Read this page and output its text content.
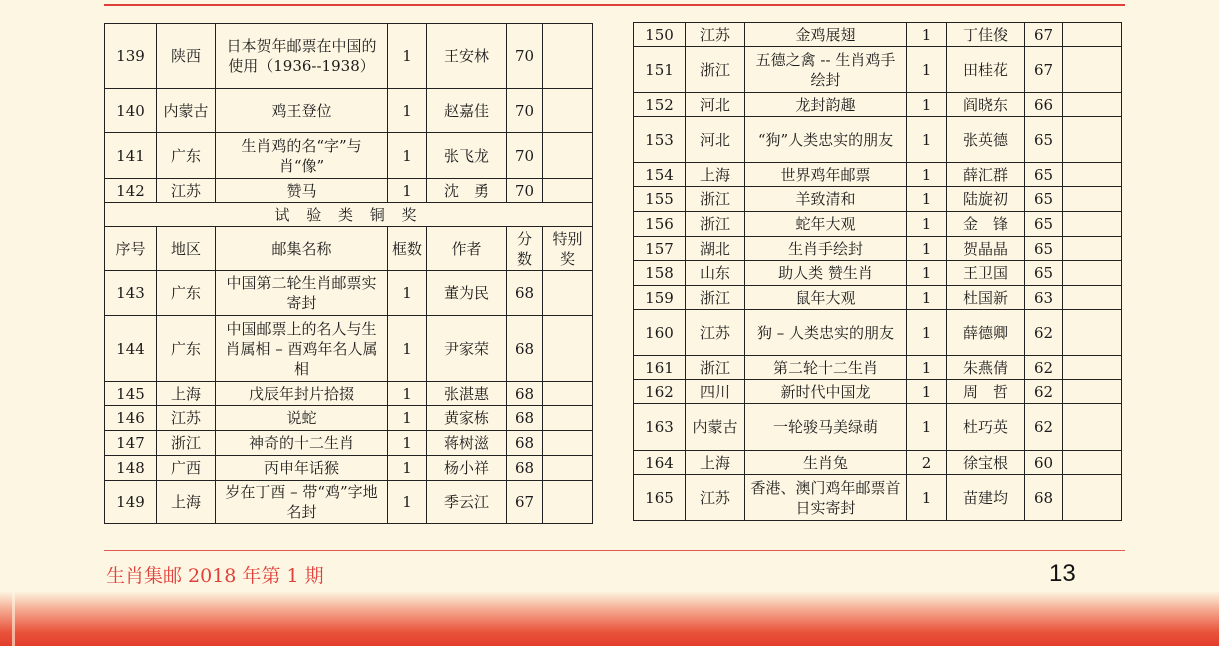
139	陕西	日本贺年邮票在中国的使用（1936--1938）	1	王安林	70	
140	内蒙古	鸡王登位	1	赵嘉佳	70	
141	广东	生肖鸡的名“字”与肖“像”	1	张飞龙	70	
142	江苏	赞马	1	沈　勇	70	
试 验 类 铜 奖						
序号	地区	邮集名称	框数	作者	分数	特别奖
143	广东	中国第二轮生肖邮票实寄封	1	董为民	68	
144	广东	中国邮票上的名人与生肖属相 – 酉鸡年名人属相	1	尹家荣	68	
145	上海	戊辰年封片拾掇	1	张湛惠	68	
146	江苏	说蛇	1	黄家栋	68	
147	浙江	神奇的十二生肖	1	蒋树滋	68	
148	广西	丙申年话猴	1	杨小祥	68	
149	上海	岁在丁酉 – 带“鸡”字地名封	1	季云江	67	
150	江苏	金鸡展翅	1	丁佳俊	67	
151	浙江	五德之禽 -- 生肖鸡手绘封	1	田桂花	67	
152	河北	龙封韵趣	1	阎晓东	66	
153	河北	“狗”人类忠实的朋友	1	张英德	65	
154	上海	世界鸡年邮票	1	薛汇群	65	
155	浙江	羊致清和	1	陆旋初	65	
156	浙江	蛇年大观	1	金　锋	65	
157	湖北	生肖手绘封	1	贺晶晶	65	
158	山东	助人类 赞生肖	1	王卫国	65	
159	浙江	鼠年大观	1	杜国新	63	
160	江苏	狗 – 人类忠实的朋友	1	薛德卿	62	
161	浙江	第二轮十二生肖	1	朱燕倩	62	
162	四川	新时代中国龙	1	周　哲	62	
163	内蒙古	一轮骏马美绿萌	1	杜巧英	62	
164	上海	生肖兔	2	徐宝根	60	
165	江苏	香港、澳门鸡年邮票首日实寄封	1	苗建均	68	
生肖集邮 2018 年第 1 期	13
